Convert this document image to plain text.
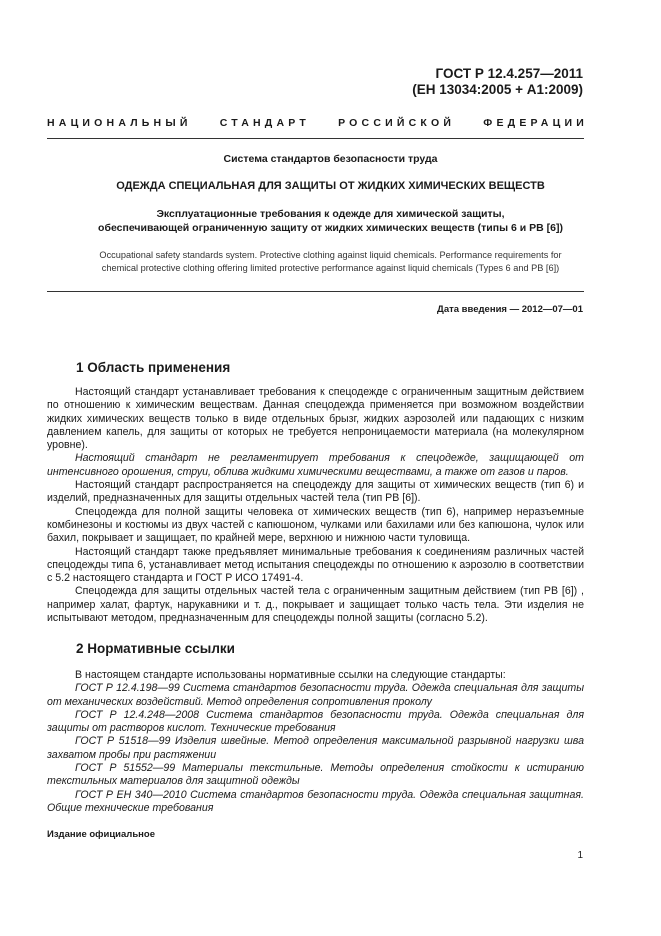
ГОСТ Р 12.4.257—2011
(ЕН 13034:2005 + А1:2009)
НАЦИОНАЛЬНЫЙ	СТАНДАРТ	РОССИЙСКОЙ	ФЕДЕРАЦИИ
Система стандартов безопасности труда
ОДЕЖДА СПЕЦИАЛЬНАЯ ДЛЯ ЗАЩИТЫ ОТ ЖИДКИХ ХИМИЧЕСКИХ ВЕЩЕСТВ
Эксплуатационные требования к одежде для химической защиты,
обеспечивающей ограниченную защиту от жидких химических веществ (типы 6 и PB [6])
Occupational safety standards system. Protective clothing against liquid chemicals. Performance requirements for
chemical protective clothing offering limited protective performance against liquid chemicals (Types 6 and PB [6])
Дата введения — 2012—07—01
1 Область применения

Настоящий стандарт устанавливает требования к спецодежде с ограниченным защитным действием по отношению к химическим веществам. Данная спецодежда применяется при возможном воздействии жидких химических веществ только в виде отдельных брызг, жидких аэрозолей или падающих с низким давлением капель, для защиты от которых не требуется непроницаемости материала (на молекулярном уровне).

Настоящий стандарт не регламентирует требования к спецодежде, защищающей от интенсивного орошения, струи, облива жидкими химическими веществами, а также от газов и паров.

Настоящий стандарт распространяется на спецодежду для защиты от химических веществ (тип 6) и изделий, предназначенных для защиты отдельных частей тела (тип PB [6]).

Спецодежда для полной защиты человека от химических веществ (тип 6), например неразъемные комбинезоны и костюмы из двух частей с капюшоном, чулками или бахилами или без капюшона, чулок или бахил, покрывает и защищает, по крайней мере, верхнюю и нижнюю части туловища.

Настоящий стандарт также предъявляет минимальные требования к соединениям различных частей спецодежды типа 6, устанавливает метод испытания спецодежды по отношению к аэрозолю в соответствии с 5.2 настоящего стандарта и ГОСТ Р ИСО 17491-4.

Спецодежда для защиты отдельных частей тела с ограниченным защитным действием (тип PB [6]) , например халат, фартук, нарукавники и т. д., покрывает и защищает только часть тела. Эти изделия не испытывают методом, предназначенным для спецодежды полной защиты (согласно 5.2).

2 Нормативные ссылки

В настоящем стандарте использованы нормативные ссылки на следующие стандарты:

ГОСТ Р 12.4.198—99 Система стандартов безопасности труда. Одежда специальная для защиты от механических воздействий. Метод определения сопротивления проколу

ГОСТ Р 12.4.248—2008 Система стандартов безопасности труда. Одежда специальная для защиты от растворов кислот. Технические требования

ГОСТ Р 51518—99 Изделия швейные. Метод определения максимальной разрывной нагрузки шва захватом пробы при растяжении

ГОСТ Р 51552—99 Материалы текстильные. Методы определения стойкости к истиранию текстильных материалов для защитной одежды

ГОСТ Р ЕН 340—2010 Система стандартов безопасности труда. Одежда специальная защитная. Общие технические требования

Издание официальное
1
